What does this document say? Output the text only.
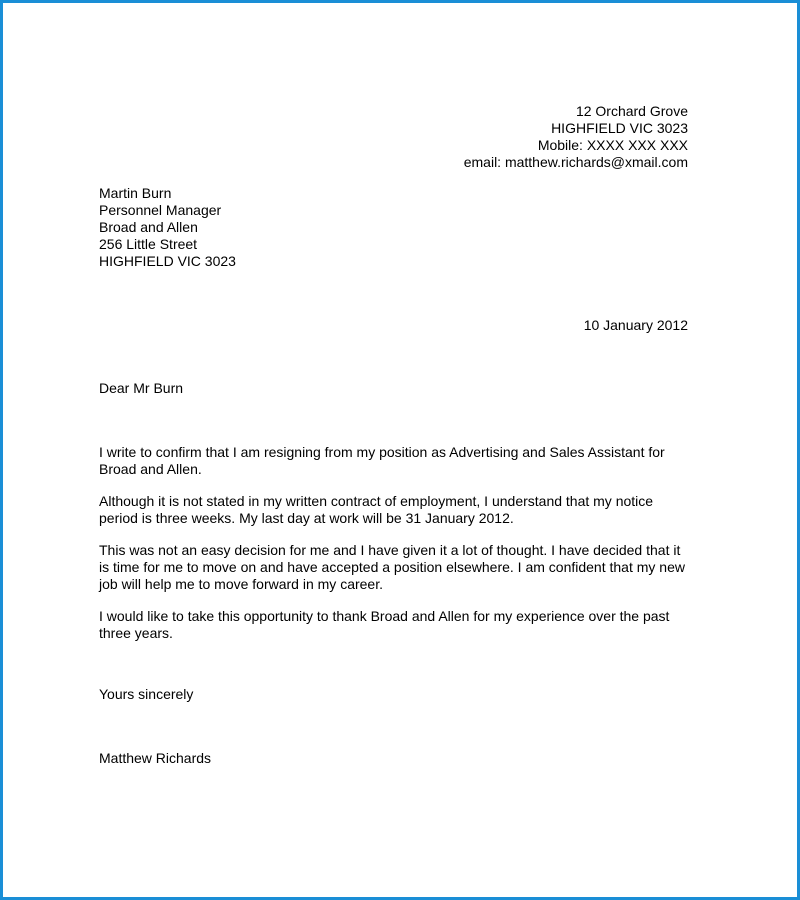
12 Orchard Grove
HIGHFIELD VIC 3023
Mobile: XXXX XXX XXX
email: matthew.richards@xmail.com
Martin Burn
Personnel Manager
Broad and Allen
256 Little Street
HIGHFIELD VIC 3023
10 January 2012
Dear Mr Burn

I write to confirm that I am resigning from my position as Advertising and Sales Assistant for Broad and Allen.

Although it is not stated in my written contract of employment, I understand that my notice period is three weeks. My last day at work will be 31 January 2012.

This was not an easy decision for me and I have given it a lot of thought. I have decided that it is time for me to move on and have accepted a position elsewhere. I am confident that my new job will help me to move forward in my career.

I would like to take this opportunity to thank Broad and Allen for my experience over the past three years.

Yours sincerely
Matthew Richards
